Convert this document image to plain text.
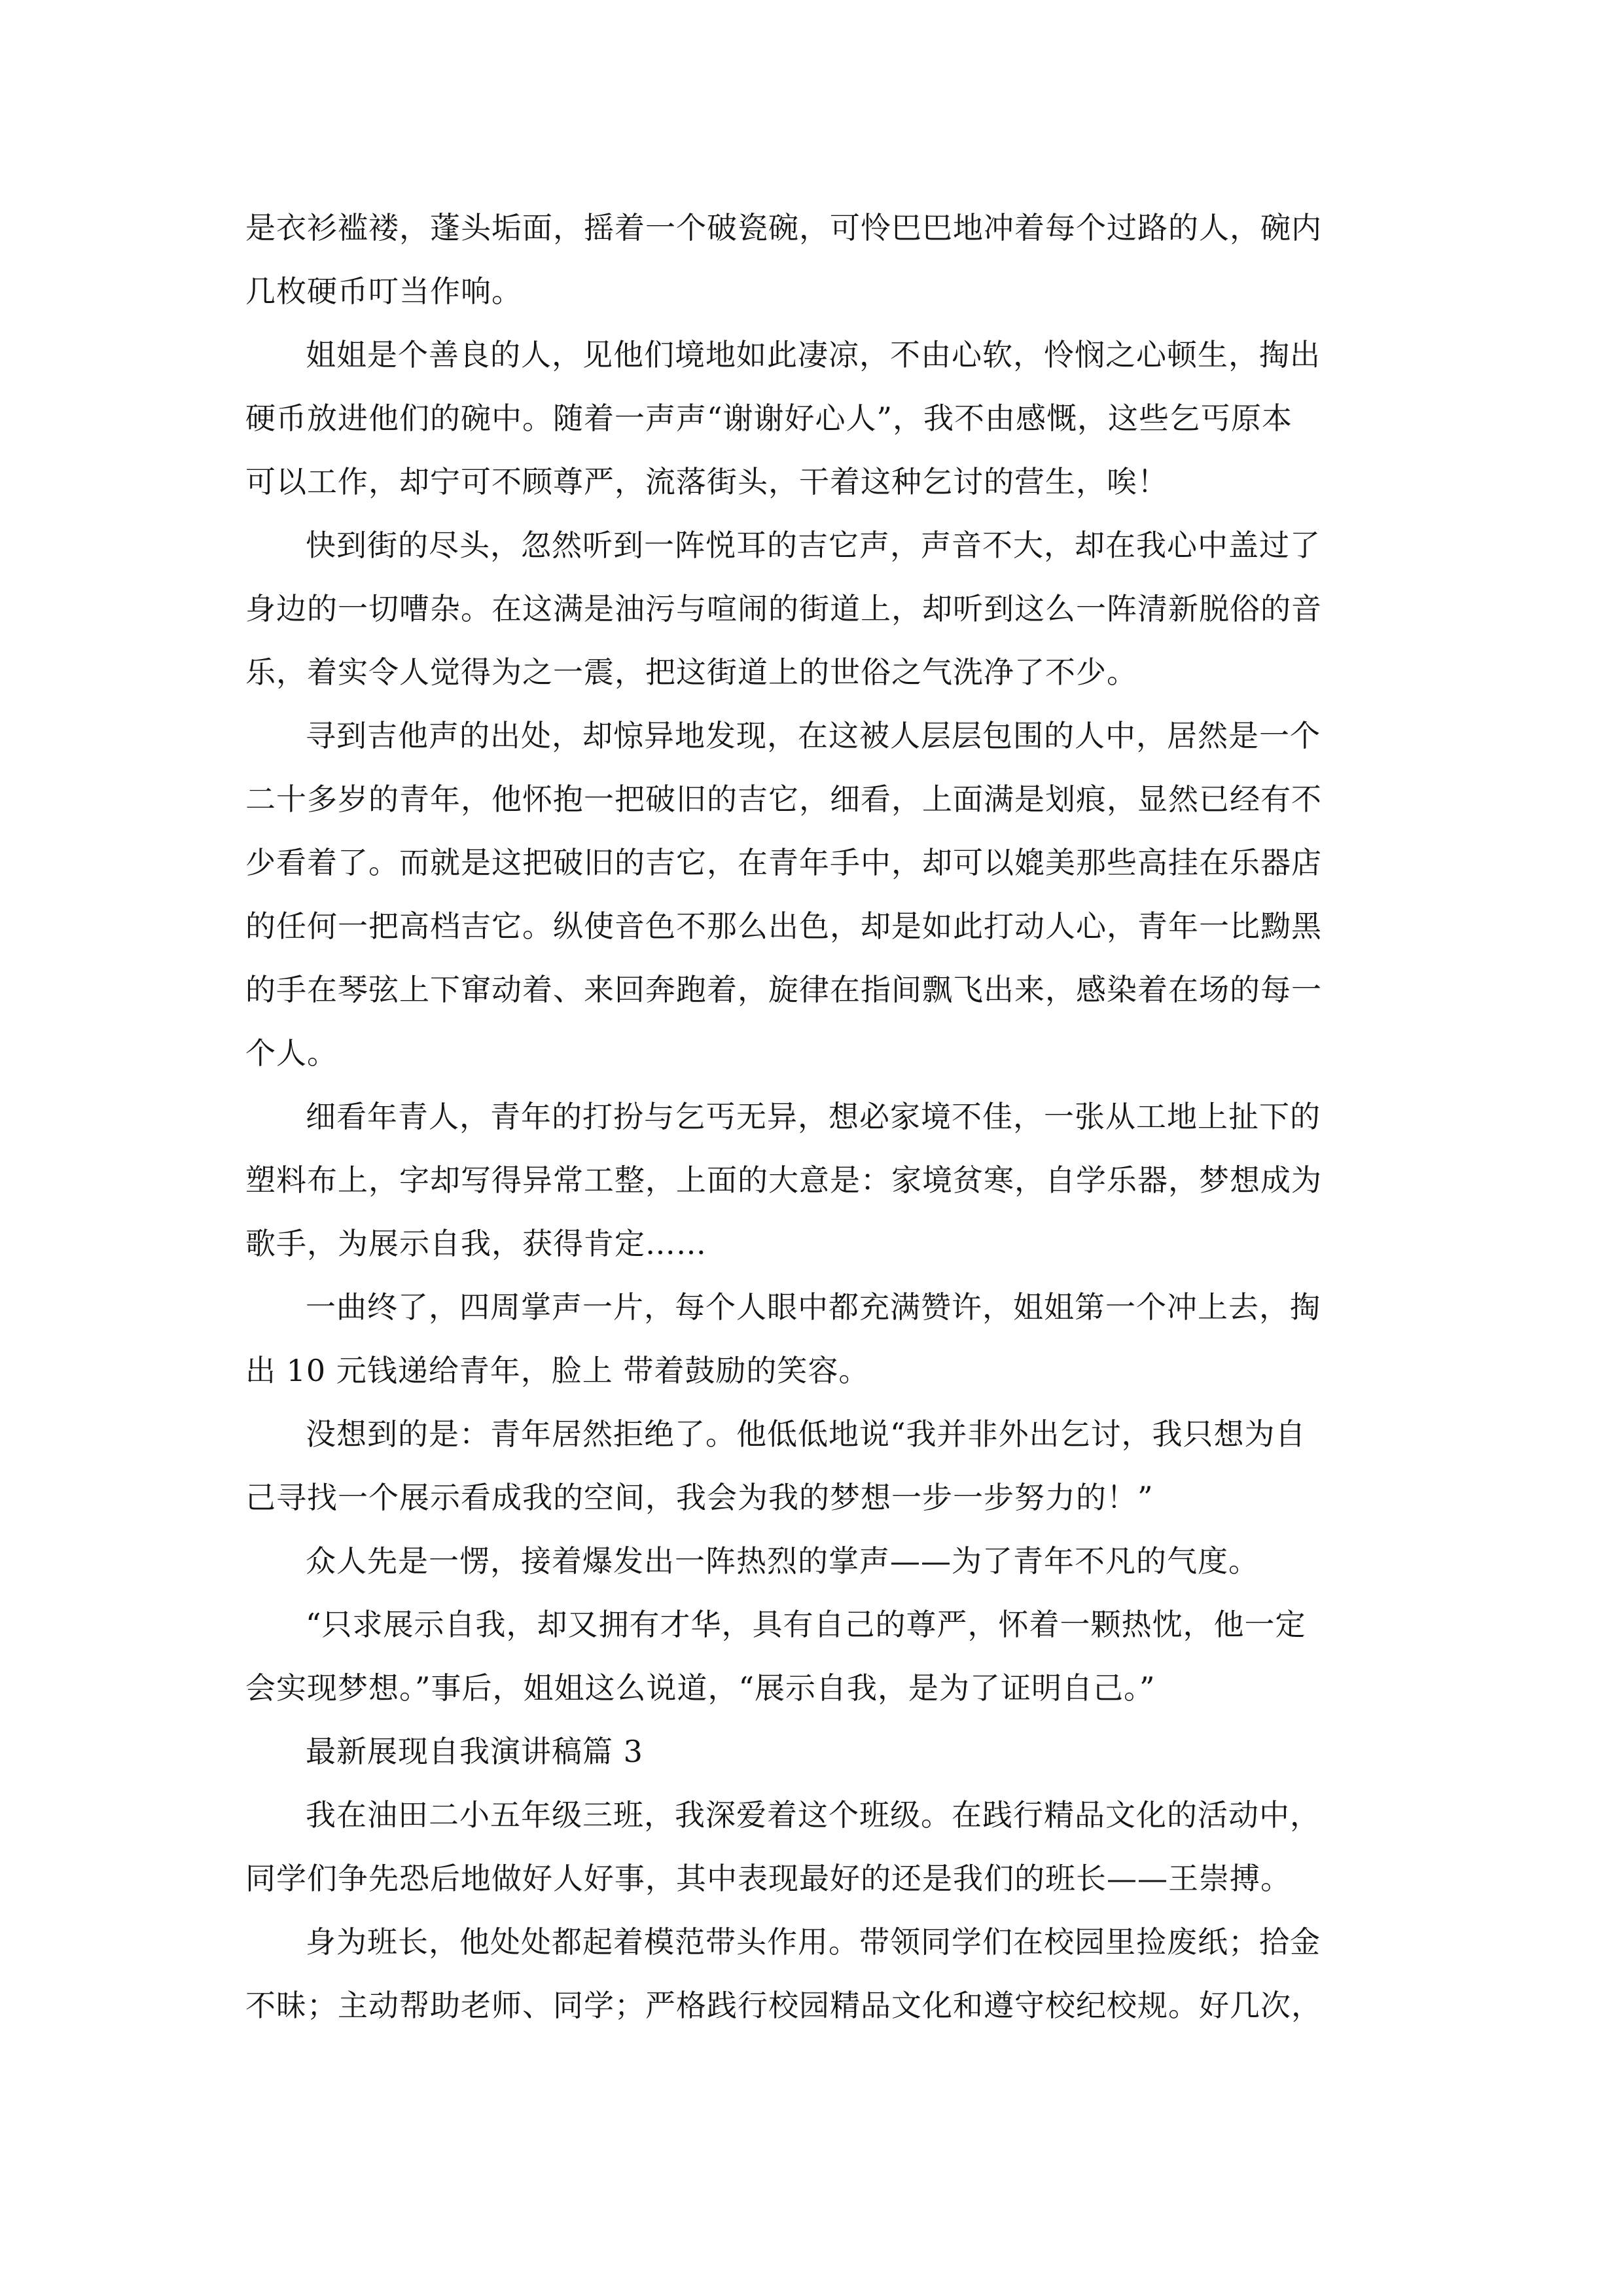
是衣衫褴褛，蓬头垢面，摇着一个破瓷碗，可怜巴巴地冲着每个过路的人，碗内
几枚硬币叮当作响。

姐姐是个善良的人，见他们境地如此凄凉，不由心软，怜悯之心顿生，掏出
硬币放进他们的碗中。随着一声声“谢谢好心人”，我不由感慨，这些乞丐原本
可以工作，却宁可不顾尊严，流落街头，干着这种乞讨的营生，唉！

快到街的尽头，忽然听到一阵悦耳的吉它声，声音不大，却在我心中盖过了
身边的一切嘈杂。在这满是油污与喧闹的街道上，却听到这么一阵清新脱俗的音
乐，着实令人觉得为之一震，把这街道上的世俗之气洗净了不少。

寻到吉他声的出处，却惊异地发现，在这被人层层包围的人中，居然是一个
二十多岁的青年，他怀抱一把破旧的吉它，细看，上面满是划痕，显然已经有不
少看着了。而就是这把破旧的吉它，在青年手中，却可以媲美那些高挂在乐器店
的任何一把高档吉它。纵使音色不那么出色，却是如此打动人心，青年一比黝黑
的手在琴弦上下窜动着、来回奔跑着，旋律在指间飘飞出来，感染着在场的每一
个人。

细看年青人，青年的打扮与乞丐无异，想必家境不佳，一张从工地上扯下的
塑料布上，字却写得异常工整，上面的大意是：家境贫寒，自学乐器，梦想成为
歌手，为展示自我，获得肯定……

一曲终了，四周掌声一片，每个人眼中都充满赞许，姐姐第一个冲上去，掏
出 10 元钱递给青年，脸上 带着鼓励的笑容。

没想到的是：青年居然拒绝了。他低低地说“我并非外出乞讨，我只想为自
己寻找一个展示看成我的空间，我会为我的梦想一步一步努力的！”

众人先是一愣，接着爆发出一阵热烈的掌声——为了青年不凡的气度。

“只求展示自我，却又拥有才华，具有自己的尊严，怀着一颗热忱，他一定
会实现梦想。”事后，姐姐这么说道，“展示自我，是为了证明自己。”

最新展现自我演讲稿篇 3

我在油田二小五年级三班，我深爱着这个班级。在践行精品文化的活动中，
同学们争先恐后地做好人好事，其中表现最好的还是我们的班长——王崇搏。

身为班长，他处处都起着模范带头作用。带领同学们在校园里捡废纸；拾金
不昧；主动帮助老师、同学；严格践行校园精品文化和遵守校纪校规。好几次，
